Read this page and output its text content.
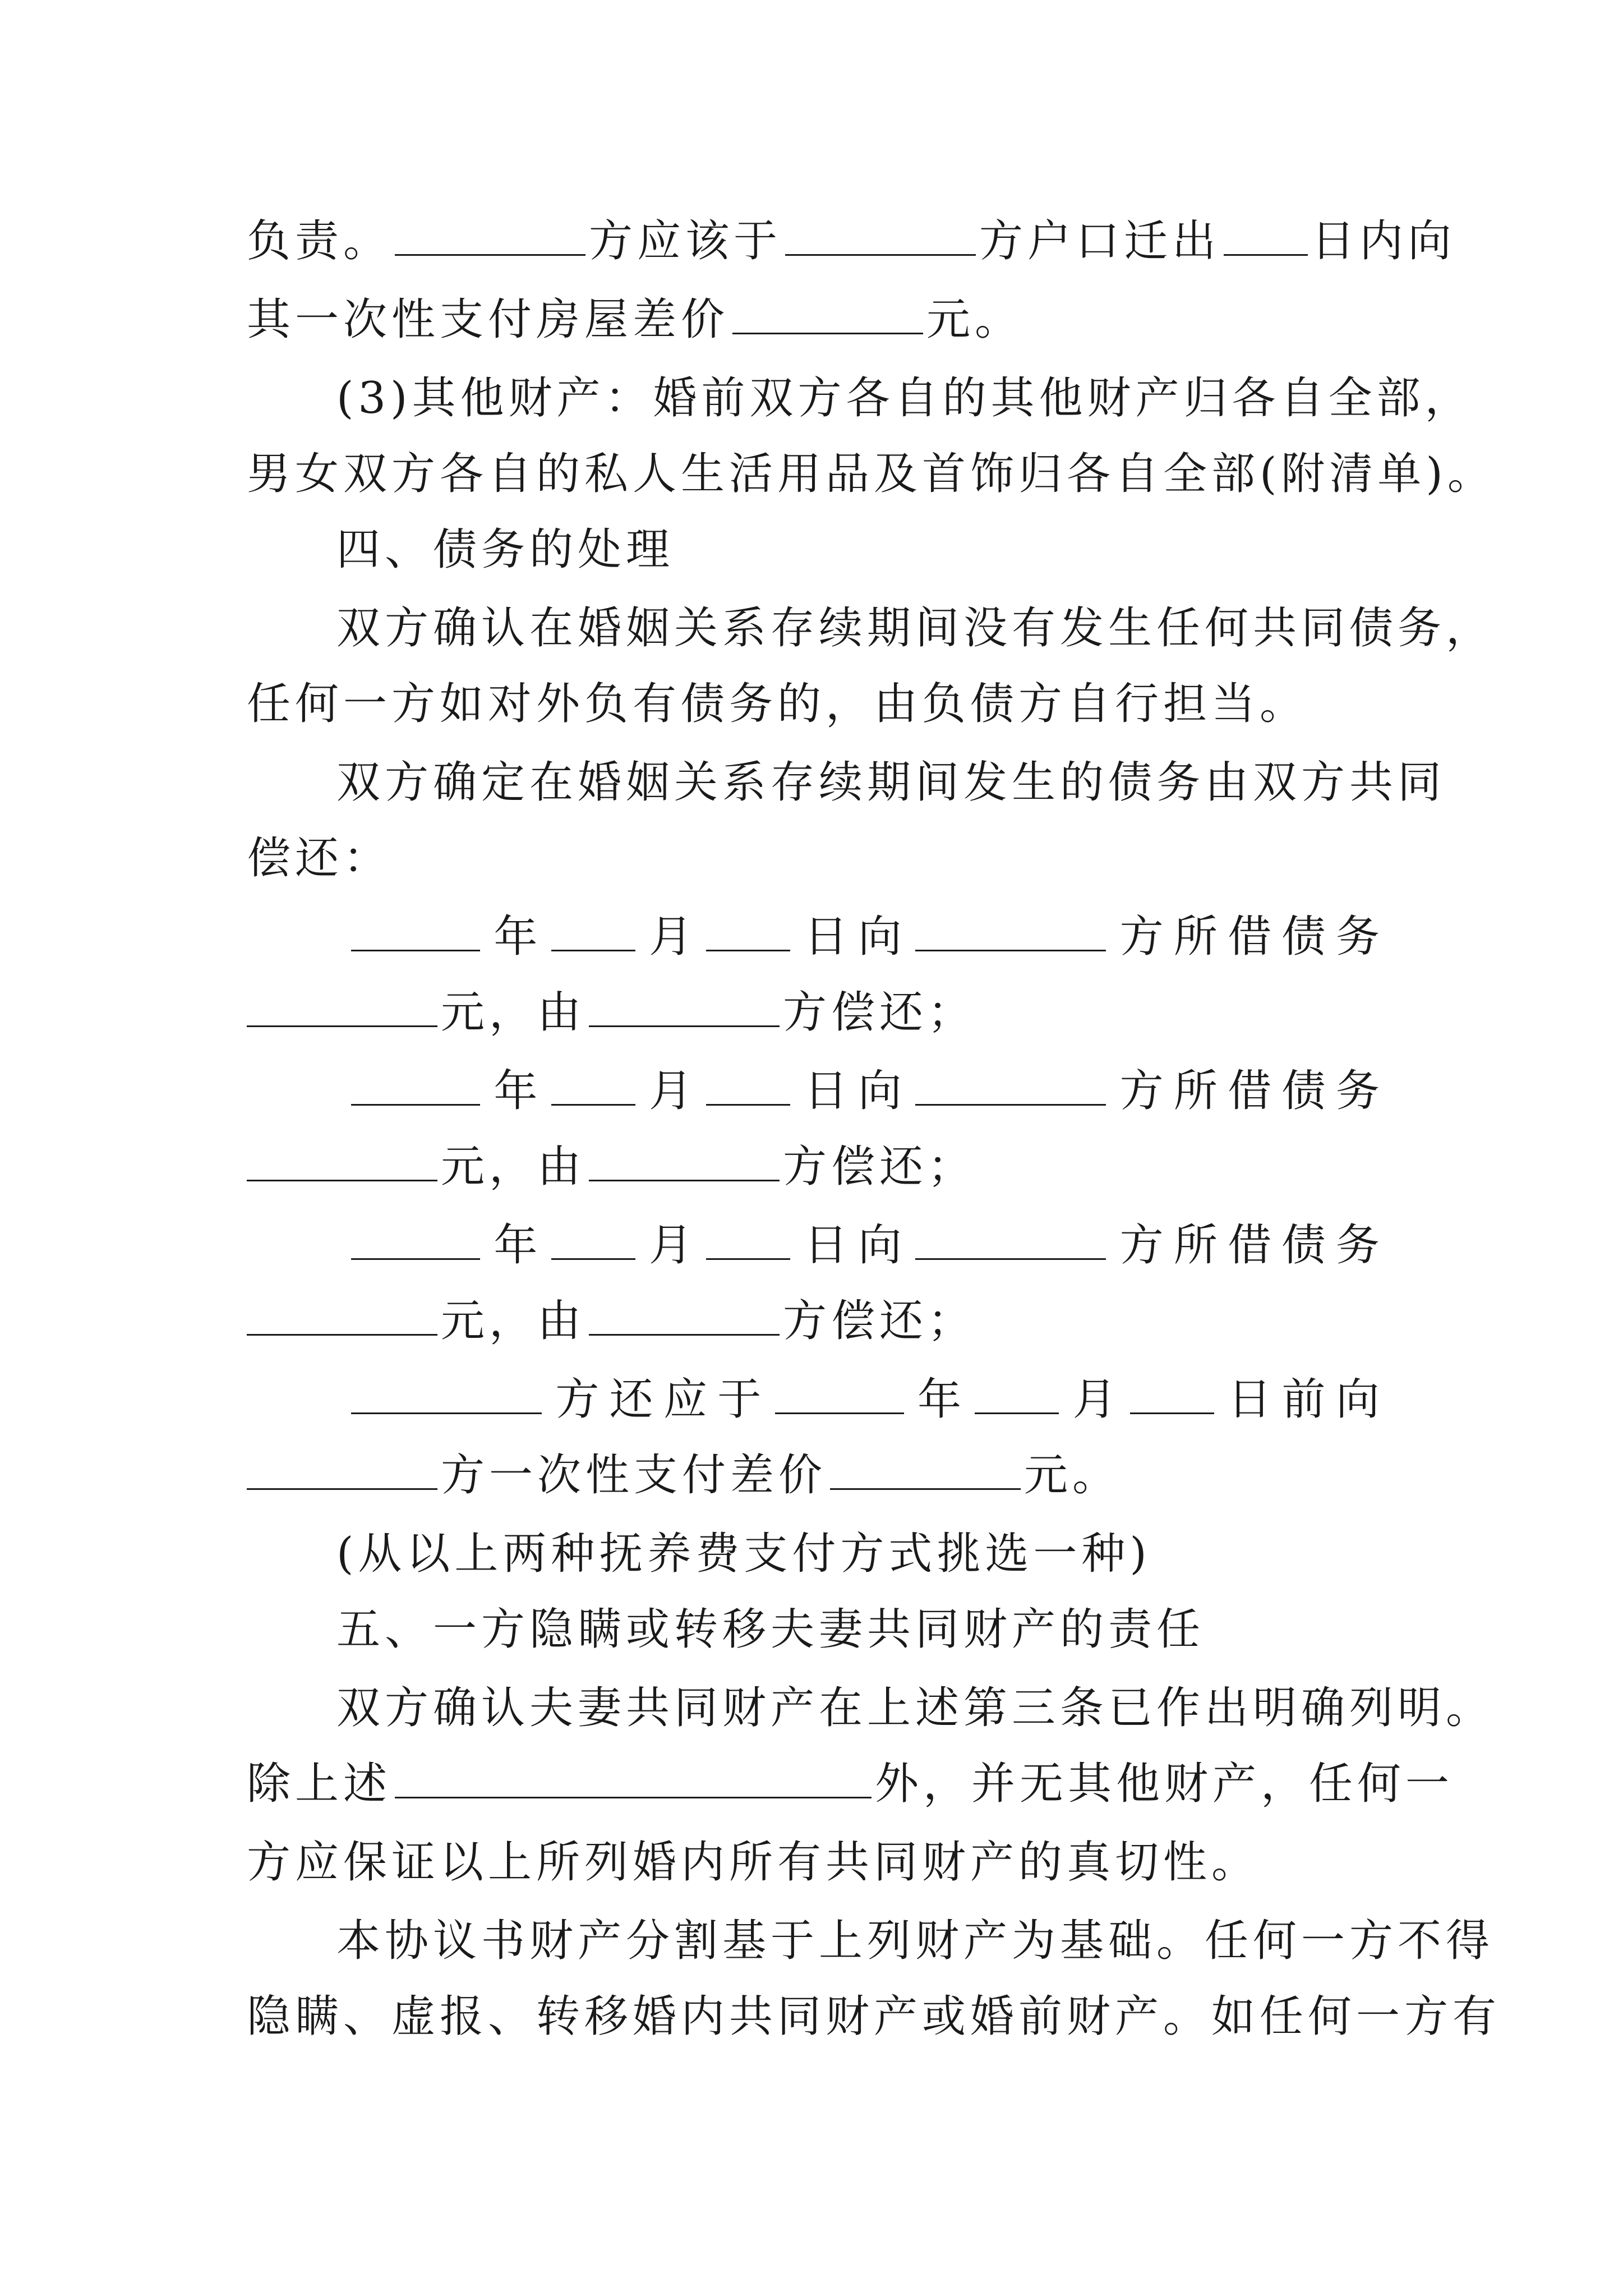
负责。	方应该于	方户口迁出 日内向
其一次性支付房屋差价	元。
(3)其他财产：婚前双方各自的其他财产归各自全部，
男女双方各自的私人生活用品及首饰归各自全部(附清单)。
四、债务的处理
双方确认在婚姻关系存续期间没有发生任何共同债务，
任何一方如对外负有债务的，由负债方自行担当。
双方确定在婚姻关系存续期间发生的债务由双方共同
偿还：
年	月	日 向	方 所 借 债 务
元，由	方偿还；
年	月	日 向	方 所 借 债 务
元，由	方偿还；
年	月	日 向	方 所 借 债 务
元，由	方偿还；
方 还 应 于	年	月	日 前 向
方一次性支付差价	元。
(从以上两种抚养费支付方式挑选一种)
五、一方隐瞒或转移夫妻共同财产的责任
双方确认夫妻共同财产在上述第三条已作出明确列明。
除上述	外，并无其他财产，任何一
方应保证以上所列婚内所有共同财产的真切性。
本协议书财产分割基于上列财产为基础。任何一方不得
隐瞒、虚报、转移婚内共同财产或婚前财产。如任何一方有
